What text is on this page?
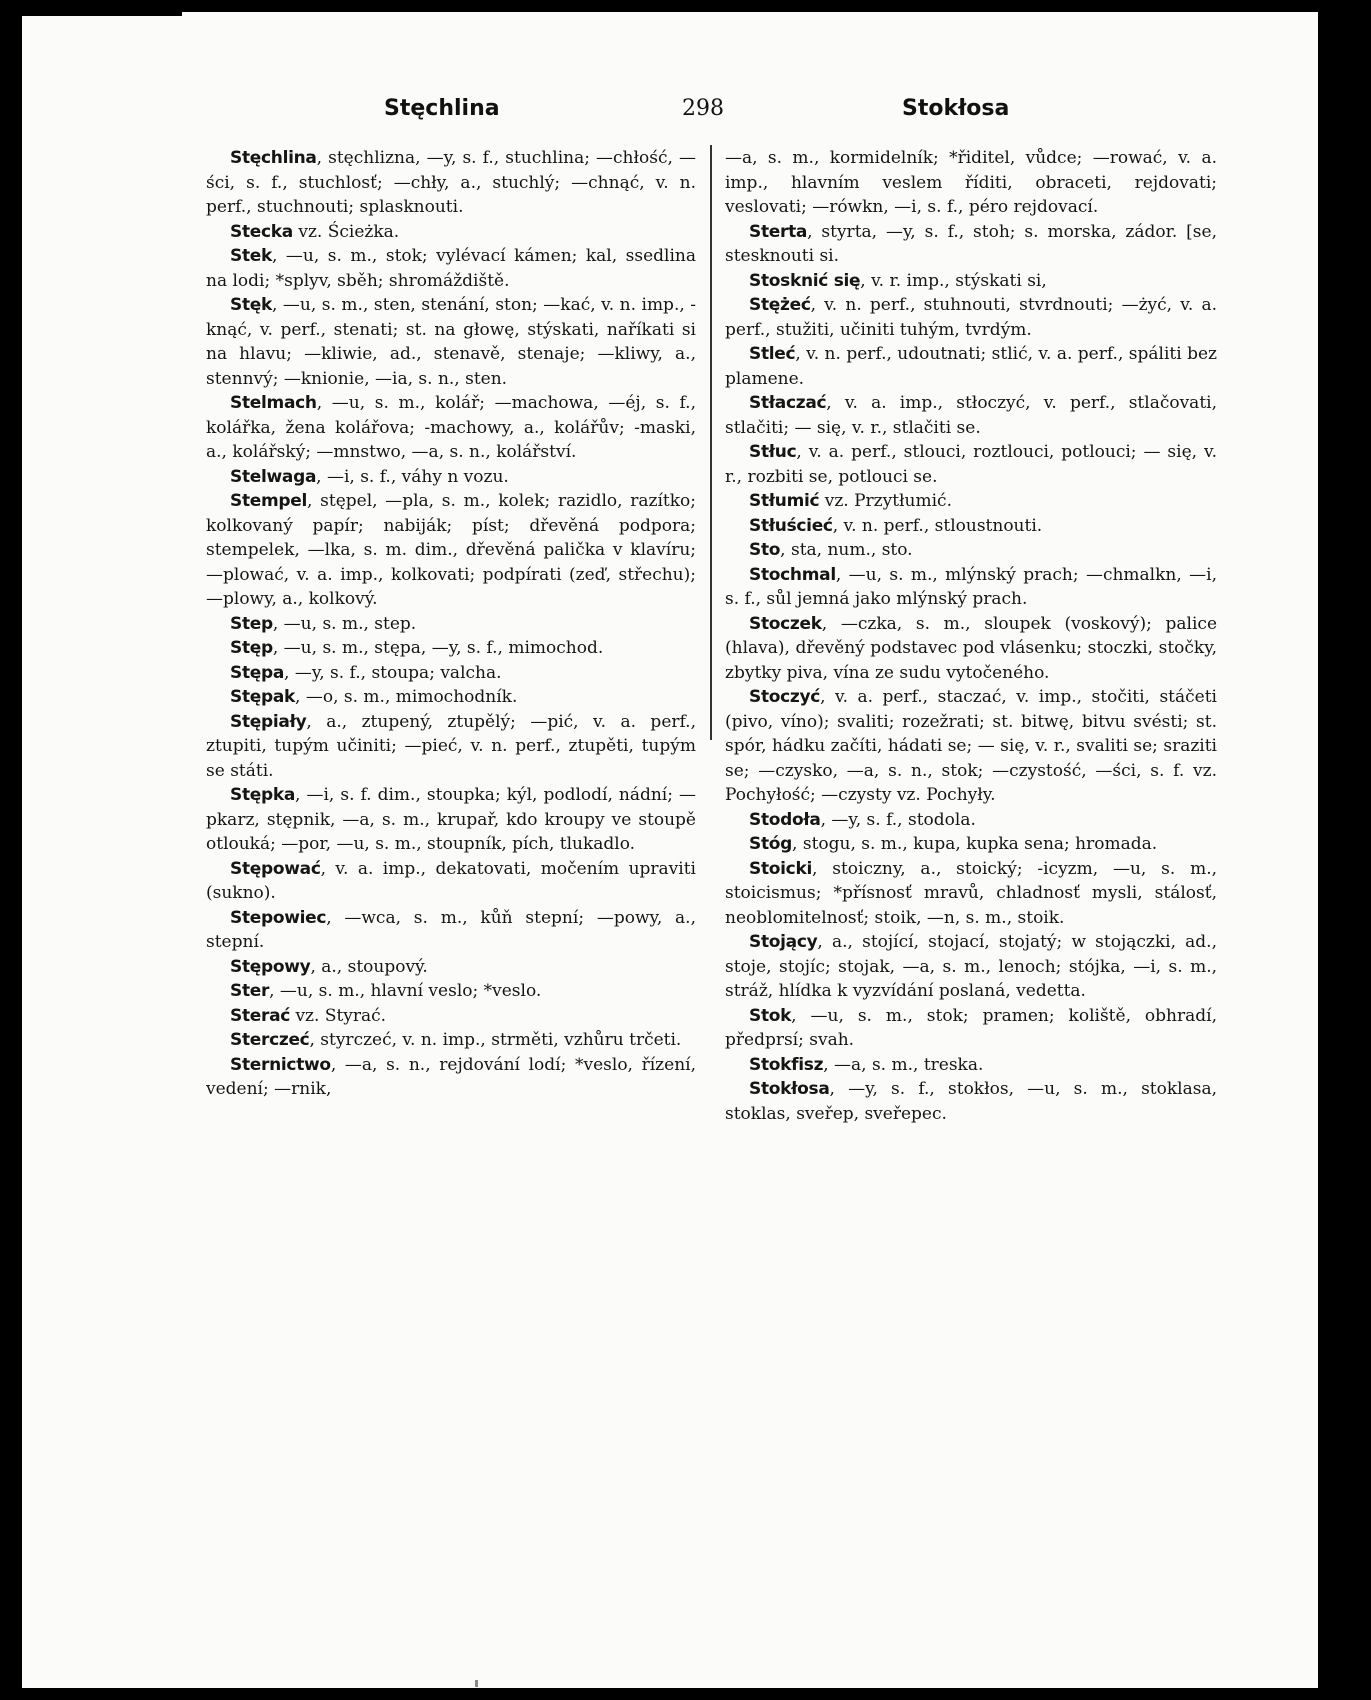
Stęchlina	298	Stokłosa

Stęchlina, stęchlizna, —y, s. f., stuchlina; —chłość, —ści, s. f., stuchlosť; —chły, a., stuchlý; —chnąć, v. n. perf., stuchnouti; splasknouti.

Stecka vz. Ścieżka.

Stek, —u, s. m., stok; vylévací kámen; kal, ssedlina na lodi; *splyv, sběh; shromáždiště.

Stęk, —u, s. m., sten, stenání, ston; —kać, v. n. imp., -knąć, v. perf., stenati; st. na głowę, stýskati, naříkati si na hlavu; —kliwie, ad., stenavě, stenaje; —kliwy, a., stennvý; —knionie, —ia, s. n., sten.

Stelmach, —u, s. m., kolář; —machowa, —éj, s. f., kolářka, žena kolářova; -machowy, a., kolářův; -maski, a., kolářský; —mnstwo, —a, s. n., kolářství.

Stelwaga, —i, s. f., váhy n vozu.

Stempel, stępel, —pla, s. m., kolek; razidlo, razítko; kolkovaný papír; nabiják; píst; dřevěná podpora; stempelek, —lka, s. m. dim., dřevěná palička v klavíru; —plować, v. a. imp., kolkovati; podpírati (zeď, střechu); —plowy, a., kolkový.

Step, —u, s. m., step.

Stęp, —u, s. m., stępa, —y, s. f., mimochod.

Stępa, —y, s. f., stoupa; valcha.

Stępak, —o, s. m., mimochodník.

Stępiały, a., ztupený, ztupělý; —pić, v. a. perf., ztupiti, tupým učiniti; —pieć, v. n. perf., ztupěti, tupým se státi.

Stępka, —i, s. f. dim., stoupka; kýl, podlodí, nádní; —pkarz, stępnik, —a, s. m., krupař, kdo kroupy ve stoupě otlouká; —por, —u, s. m., stoupník, pích, tlukadlo.

Stępować, v. a. imp., dekatovati, močením upraviti (sukno).

Stepowiec, —wca, s. m., kůň stepní; —powy, a., stepní.

Stępowy, a., stoupový.

Ster, —u, s. m., hlavní veslo; *veslo.

Sterać vz. Styrać.

Sterczeć, styrczeć, v. n. imp., strměti, vzhůru trčeti.

Sternictwo, —a, s. n., rejdování lodí; *veslo, řízení, vedení; —rnik,

—a, s. m., kormidelník; *řiditel, vůdce; —rować, v. a. imp., hlavním veslem říditi, obraceti, rejdovati; veslovati; —rówkn, —i, s. f., péro rejdovací.

Sterta, styrta, —y, s. f., stoh; s. morska, zádor. [se, stesknouti si.

Stosknić się, v. r. imp., stýskati si,

Stężeć, v. n. perf., stuhnouti, stvrdnouti; —żyć, v. a. perf., stužiti, učiniti tuhým, tvrdým.

Stleć, v. n. perf., udoutnati; stlić, v. a. perf., spáliti bez plamene.

Stłaczać, v. a. imp., stłoczyć, v. perf., stlačovati, stlačiti; — się, v. r., stlačiti se.

Stłuc, v. a. perf., stlouci, roztlouci, potlouci; — się, v. r., rozbiti se, potlouci se.

Stłumić vz. Przytłumić.

Stłuścieć, v. n. perf., stloustnouti.

Sto, sta, num., sto.

Stochmal, —u, s. m., mlýnský prach; —chmalkn, —i, s. f., sůl jemná jako mlýnský prach.

Stoczek, —czka, s. m., sloupek (voskový); palice (hlava), dřevěný podstavec pod vlásenku; stoczki, stočky, zbytky piva, vína ze sudu vytočeného.

Stoczyć, v. a. perf., staczać, v. imp., stočiti, stáčeti (pivo, víno); svaliti; rozežrati; st. bitwę, bitvu svésti; st. spór, hádku začíti, hádati se; — się, v. r., svaliti se; sraziti se; —czysko, —a, s. n., stok; —czystość, —ści, s. f. vz. Pochyłość; —czysty vz. Pochyły.

Stodoła, —y, s. f., stodola.

Stóg, stogu, s. m., kupa, kupka sena; hromada.

Stoicki, stoiczny, a., stoický; -icyzm, —u, s. m., stoicismus; *přísnosť mravů, chladnosť mysli, stálosť, neoblomitelnosť; stoik, —n, s. m., stoik.

Stojący, a., stojící, stojací, stojatý; w stojączki, ad., stoje, stojíc; stojak, —a, s. m., lenoch; stójka, —i, s. m., stráž, hlídka k vyzvídání poslaná, vedetta.

Stok, —u, s. m., stok; pramen; koliště, obhradí, předprsí; svah.

Stokfisz, —a, s. m., treska.

Stokłosa, —y, s. f., stokłos, —u, s. m., stoklasa, stoklas, sveřep, sveřepec.
